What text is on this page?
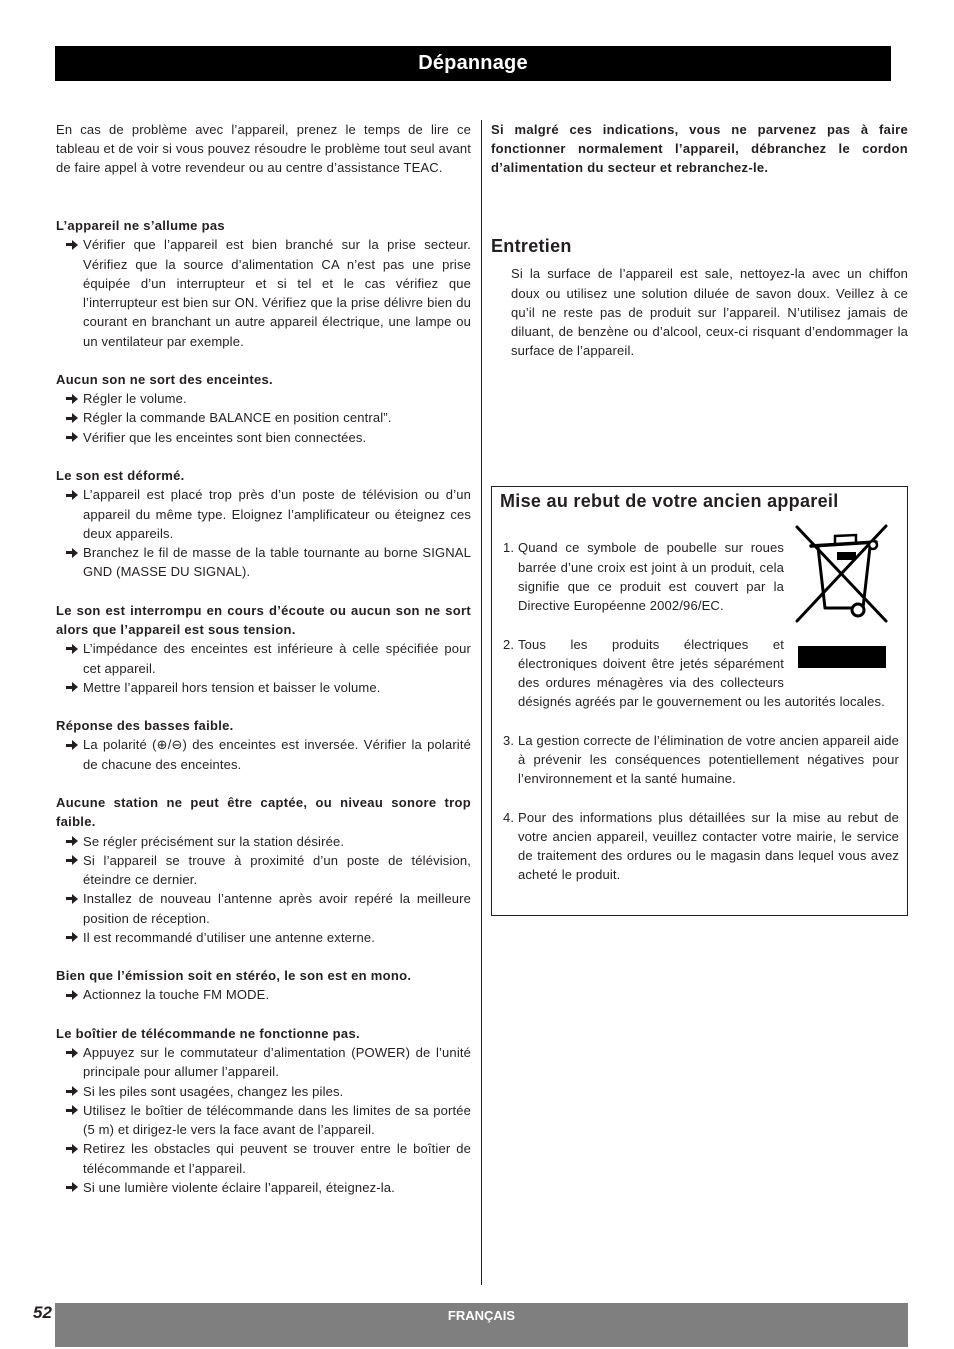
Dépannage

En cas de problème avec l’appareil, prenez le temps de lire ce tableau et de voir si vous pouvez résoudre le problème tout seul avant de faire appel à votre revendeur ou au centre d’assistance TEAC.

L’appareil ne s’allume pas

Vérifier que l’appareil est bien branché sur la prise secteur. Vérifiez que la source d’alimentation CA n’est pas une prise équipée d’un interrupteur et si tel et le cas vérifiez que l’interrupteur est bien sur ON. Vérifiez que la prise délivre bien du courant en branchant un autre appareil électrique, une lampe ou un ventilateur par exemple.

Aucun son ne sort des enceintes.

Régler le volume.
Régler la commande BALANCE en position central”.
Vérifier que les enceintes sont bien connectées.

Le son est déformé.

L’appareil est placé trop près d’un poste de télévision ou d’un appareil du même type. Eloignez l’amplificateur ou éteignez ces deux appareils.
Branchez le fil de masse de la table tournante au borne SIGNAL GND (MASSE DU SIGNAL).

Le son est interrompu en cours d’écoute ou aucun son ne sort alors que l’appareil est sous tension.

L’impédance des enceintes est inférieure à celle spécifiée pour cet appareil.
Mettre l’appareil hors tension et baisser le volume.

Réponse des basses faible.

La polarité (⊕/⊖) des enceintes est inversée. Vérifier la polarité de chacune des enceintes.

Aucune station ne peut être captée, ou niveau sonore trop faible.

Se régler précisément sur la station désirée.
Si l’appareil se trouve à proximité d’un poste de télévision, éteindre ce dernier.
Installez de nouveau l’antenne après avoir repéré la meilleure position de réception.
Il est recommandé d’utiliser une antenne externe.

Bien que l’émission soit en stéréo, le son est en mono.

Actionnez la touche FM MODE.

Le boîtier de télécommande ne fonctionne pas.

Appuyez sur le commutateur d’alimentation (POWER) de l’unité principale pour allumer l’appareil.
Si les piles sont usagées, changez les piles.
Utilisez le boîtier de télécommande dans les limites de sa portée (5 m) et dirigez-le vers la face avant de l’appareil.
Retirez les obstacles qui peuvent se trouver entre le boîtier de télécommande et l’appareil.
Si une lumière violente éclaire l’appareil, éteignez-la.

Si malgré ces indications, vous ne parvenez pas à faire fonctionner normalement l’appareil, débranchez le cordon d’alimentation du secteur et rebranchez-le.

Entretien

Si la surface de l’appareil est sale, nettoyez-la avec un chiffon doux ou utilisez une solution diluée de savon doux. Veillez à ce qu’il ne reste pas de produit sur l’appareil. N’utilisez jamais de diluant, de benzène ou d’alcool, ceux-ci risquant d’endommager la surface de l’appareil.

Mise au rebut de votre ancien appareil
1. Quand ce symbole de poubelle sur roues barrée d’une croix est joint à un produit, cela signifie que ce produit est couvert par la Directive Européenne 2002/96/EC.
2. Tous les produits électriques et électroniques doivent être jetés séparément des ordures ménagères via des collecteurs désignés agréés par le gouvernement ou les autorités locales.
3. La gestion correcte de l’élimination de votre ancien appareil aide à prévenir les conséquences potentiellement négatives pour l’environnement et la santé humaine.
4. Pour des informations plus détaillées sur la mise au rebut de votre ancien appareil, veuillez contacter votre mairie, le service de traitement des ordures ou le magasin dans lequel vous avez acheté le produit.
52	FRANÇAIS
